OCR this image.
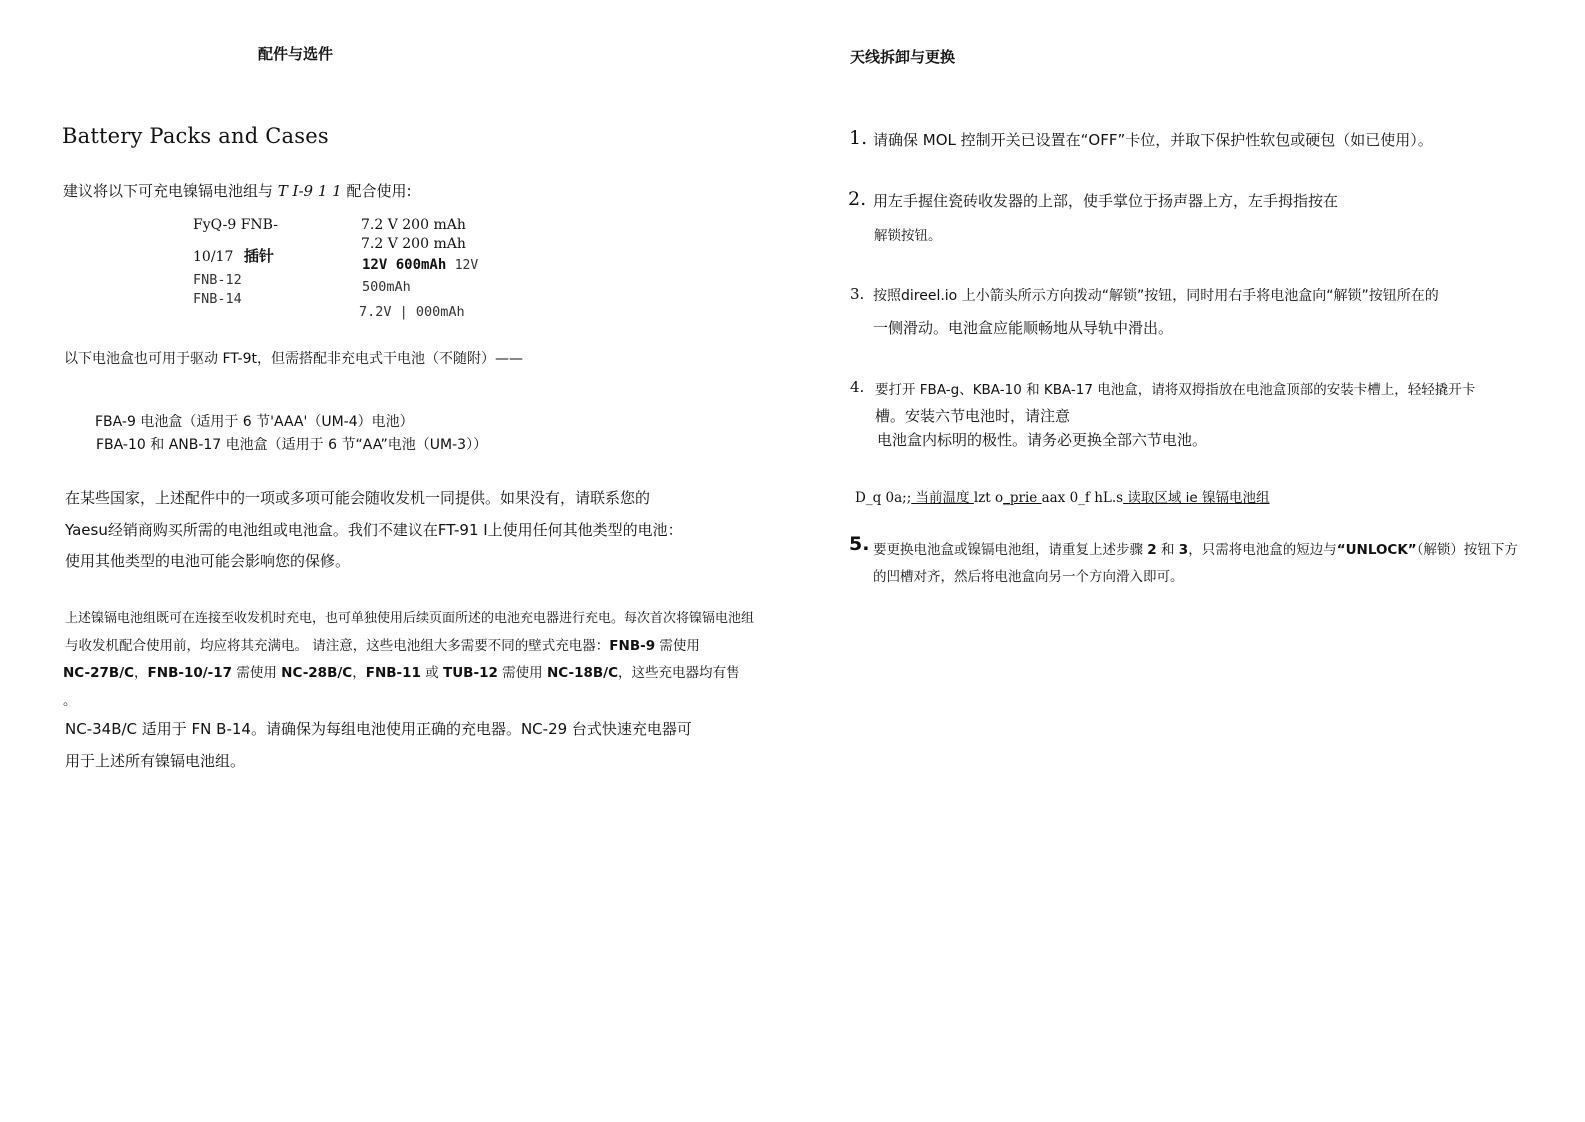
配件与选件
Battery Packs and Cases
建议将以下可充电镍镉电池组与 T I-9 1 1 配合使用:
FyQ-9 FNB-
10/17 插针
FNB-12
FNB-14
7.2 V 200 mAh
7.2 V 200 mAh
12V 600mAh 12V
500mAh
7.2V | 000mAh
以下电池盒也可用于驱动 FT-9t，但需搭配非充电式干电池（不随附）——
FBA-9 电池盒（适用于 6 节'AAA'（UM-4）电池）
FBA-10 和 ANB-17 电池盒（适用于 6 节“AA”电池（UM-3））
在某些国家，上述配件中的一项或多项可能会随收发机一同提供。如果没有，请联系您的
Yaesu经销商购买所需的电池组或电池盒。我们不建议在FT-91 I上使用任何其他类型的电池：
使用其他类型的电池可能会影响您的保修。
上述镍镉电池组既可在连接至收发机时充电，也可单独使用后续页面所述的电池充电器进行充电。每次首次将镍镉电池组
与收发机配合使用前，均应将其充满电。 请注意，这些电池组大多需要不同的壁式充电器：FNB-9 需使用
NC-27B/C，FNB-10/-17 需使用 NC-28B/C，FNB-11 或 TUB-12 需使用 NC-18B/C，这些充电器均有售
。
NC-34B/C 适用于 FN B-14。请确保为每组电池使用正确的充电器。NC-29 台式快速充电器可
用于上述所有镍镉电池组。
天线拆卸与更换
1. 请确保 MOL 控制开关已设置在“OFF”卡位，并取下保护性软包或硬包（如已使用）。
2. 用左手握住瓷砖收发器的上部，使手掌位于扬声器上方，左手拇指按在
解锁按钮。
3. 按照direel.io 上小箭头所示方向拨动“解锁”按钮，同时用右手将电池盒向“解锁”按钮所在的
一侧滑动。电池盒应能顺畅地从导轨中滑出。
4. 要打开 FBA-g、KBA-10 和 KBA-17 电池盒，请将双拇指放在电池盒顶部的安装卡槽上，轻轻撬开卡
槽。安装六节电池时，请注意
电池盒内标明的极性。请务必更换全部六节电池。
D_q 0a;; 当前温度 lzt o_prie aax 0_f hL.s 读取区域 ie 镍镉电池组
5. 要更换电池盒或镍镉电池组，请重复上述步骤 2 和 3，只需将电池盒的短边与“UNLOCK”（解锁）按钮下方
的凹槽对齐，然后将电池盒向另一个方向滑入即可。
